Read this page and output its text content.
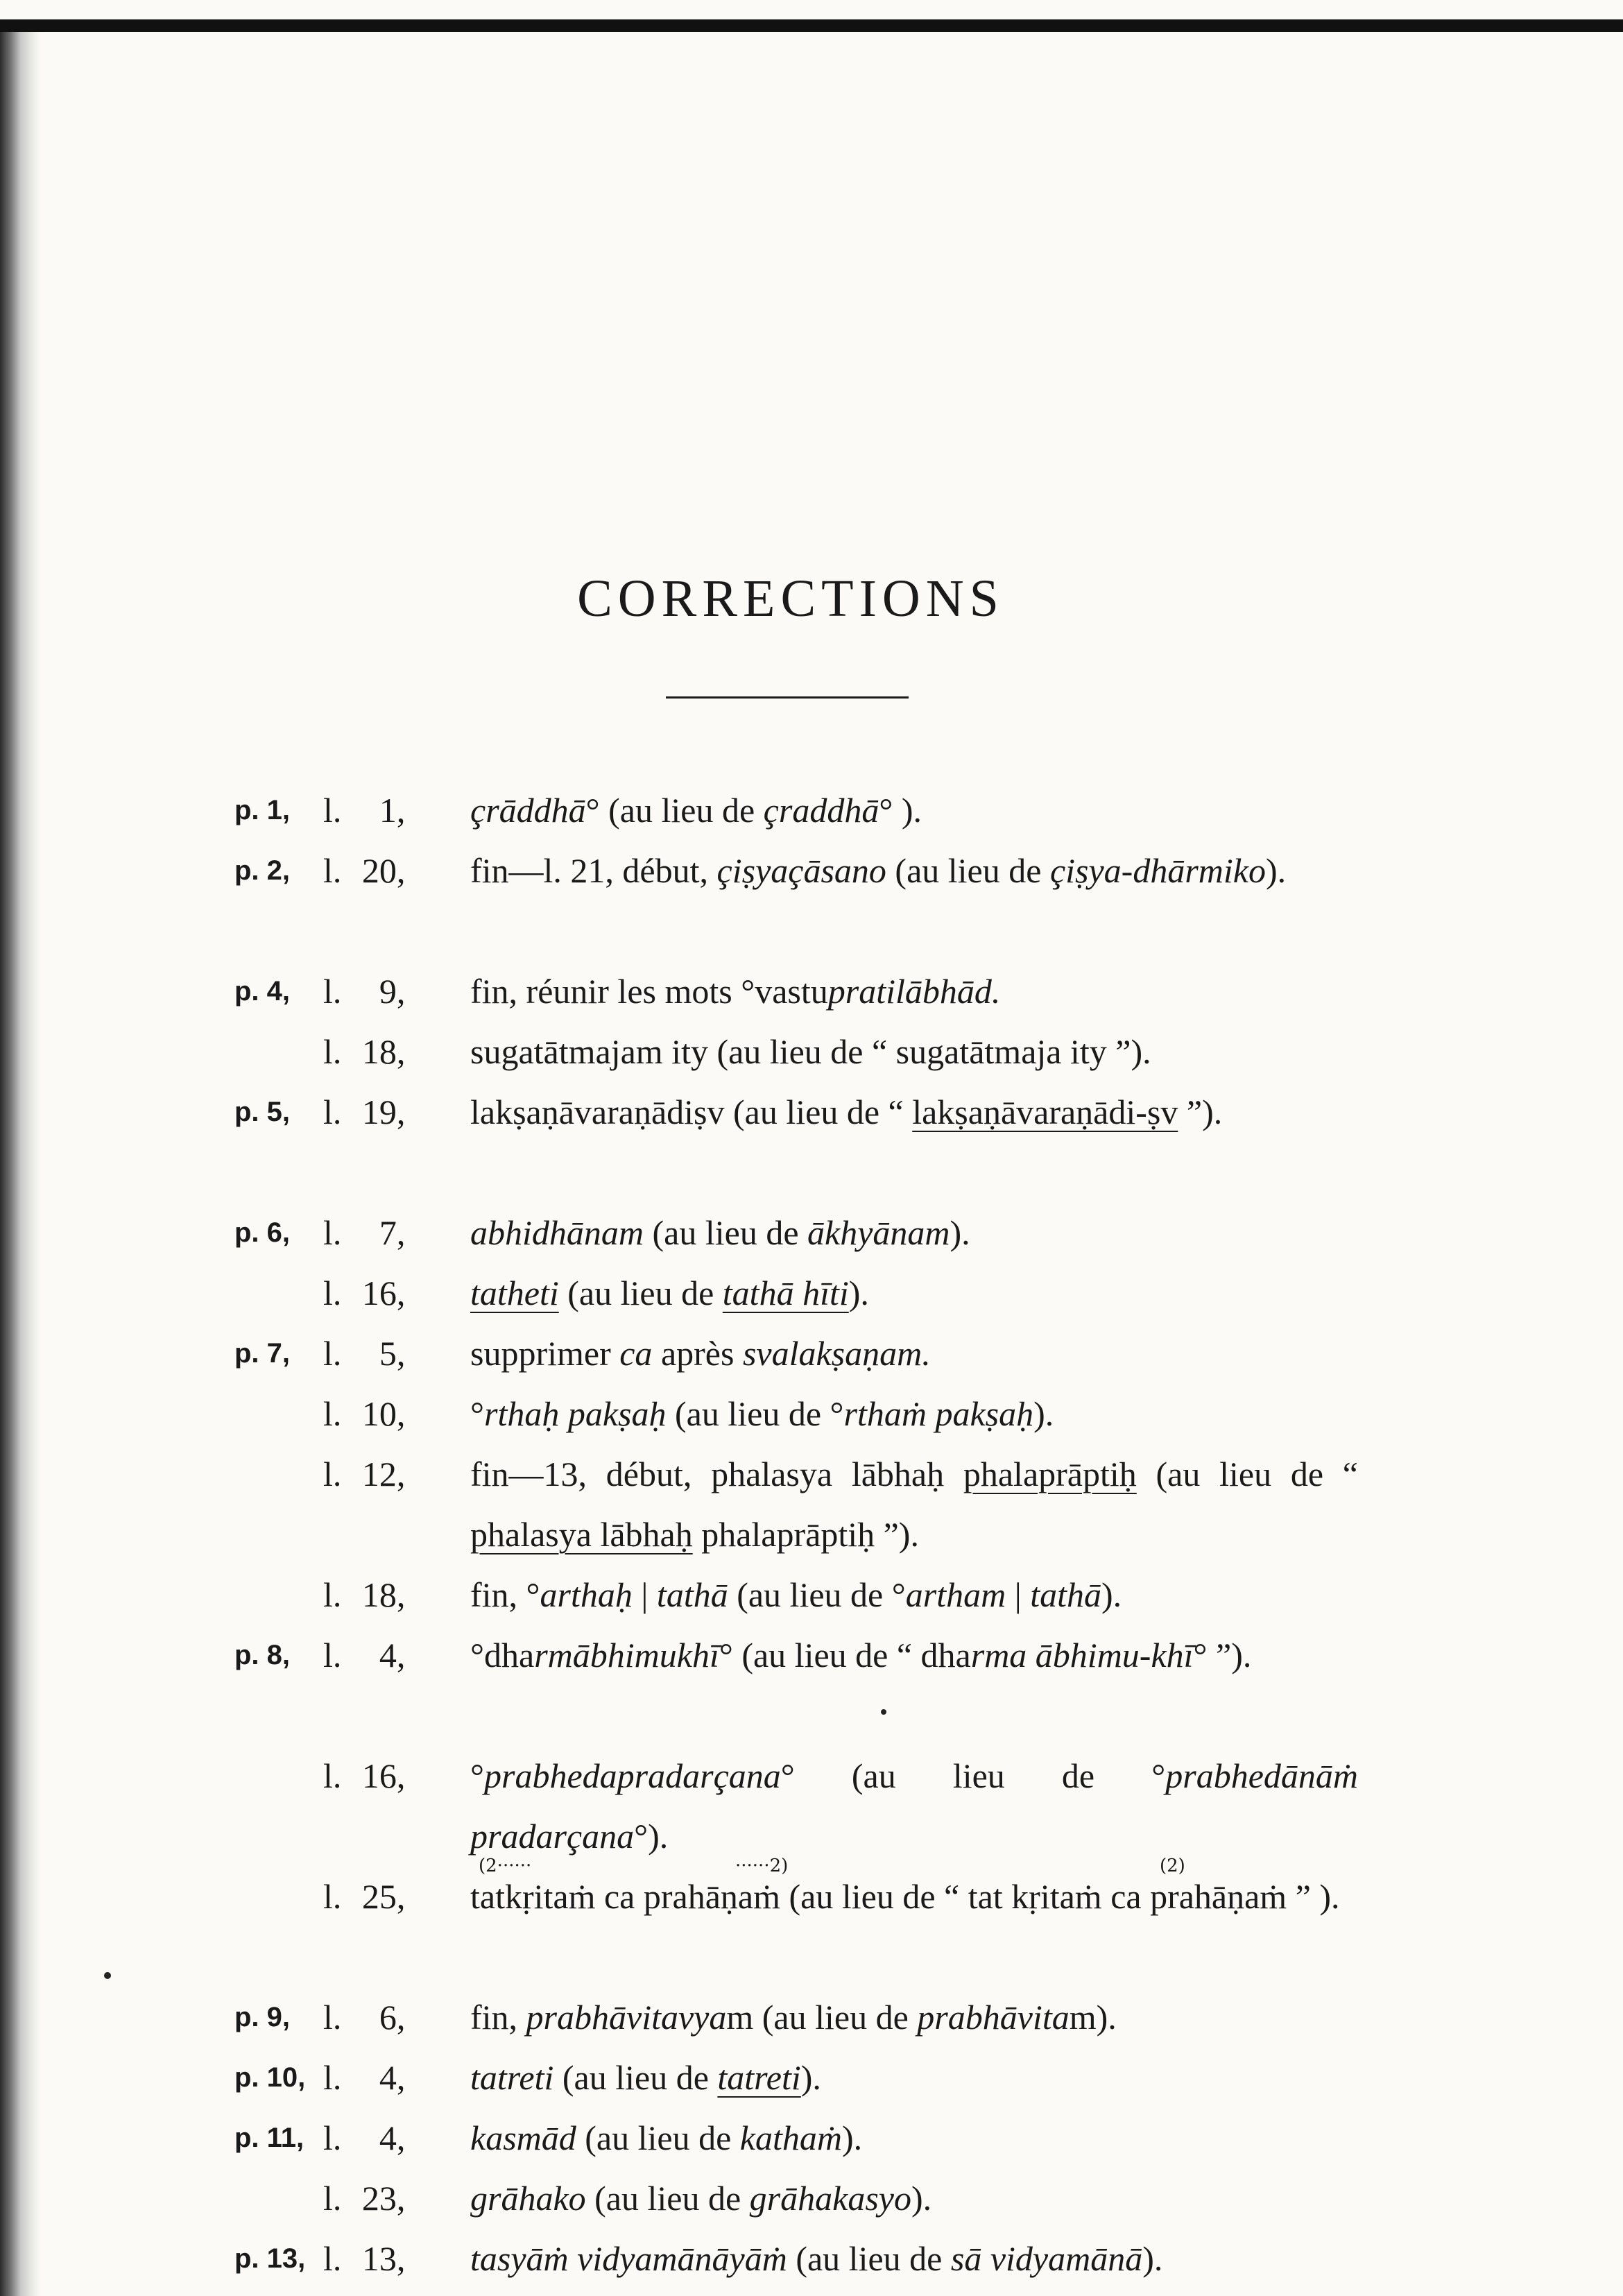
CORRECTIONS
p. 1, l. 1,	çrāddhā° (au lieu de çraddhā° ).
p. 2, l. 20,	fin—l. 21, début, çiṣyaçāsano (au lieu de çiṣya-dhārmiko).
p. 4, l. 9,	fin, réunir les mots °vastupratilābhād.
l. 18,	sugatātmajam ity (au lieu de “ sugatātmaja ity ”).
p. 5, l. 19,	lakṣaṇāvaraṇādiṣv (au lieu de “ lakṣaṇāvaraṇādi-ṣv ”).
p. 6, l. 7,	abhidhānam (au lieu de ākhyānam).
l. 16,	tatheti (au lieu de tathā hīti).
p. 7, l. 5,	supprimer ca après svalakṣaṇam.
l. 10,	°rthaḥ pakṣaḥ (au lieu de °rthaṁ pakṣaḥ).
l. 12,	fin—13, début, phalasya lābhaḥ phalaprāptiḥ (au lieu de “ phalasya lābhaḥ phalaprāptiḥ ”).
l. 18,	fin, °arthaḥ | tathā (au lieu de °artham | tathā).
p. 8, l. 4,	°dharmābhimukhī° (au lieu de “ dharma ābhimu-khī° ”).
l. 16,	°prabhedapradarçana° (au lieu de °prabhedānāṁ pradarçana°).
l. 25,	tatkṛitaṁ ca prahāṇaṁ (au lieu de “ tat kṛitaṁ ca prahāṇaṁ ” ).
p. 9, l. 6,	fin, prabhāvitavyam (au lieu de prabhāvitam).
p. 10, l. 4,	tatreti (au lieu de tatreti).
p. 11, l. 4,	kasmād (au lieu de kathaṁ).
l. 23,	grāhako (au lieu de grāhakasyo).
p. 13, l. 13,	tasyāṁ vidyamānāyāṁ (au lieu de sā vidyamānā).
(2······	······2)	(2)
